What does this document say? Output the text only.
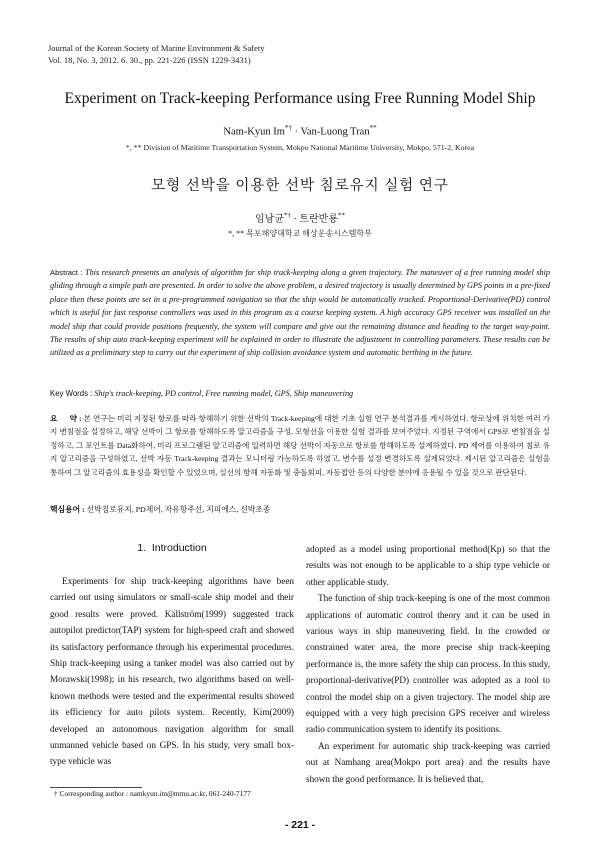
Journal of the Korean Society of Marine Environment & Safety
Vol. 18, No. 3, 2012. 6. 30., pp. 221-226 (ISSN 1229-3431)
Experiment on Track-keeping Performance using Free Running Model Ship
Nam-Kyun Im*† · Van-Luong Tran**
*, ** Division of Maritime Transportation System, Mokpo National Maritime University, Mokpo, 571-2, Korea
모형 선박을 이용한 선박 침로유지 실험 연구
임남균*† · 트란반룡**
*, ** 목포해양대학교 해상운송시스템학부
Abstract : This research presents an analysis of algorithm for ship track-keeping along a given trajectory. The maneuver of a free running model ship gliding through a simple path are presented. In order to solve the above problem, a desired trajectory is usually determined by GPS points in a pre-fixed place then these points are set in a pre-programmed navigation so that the ship would be automatically tracked. Proportional-Derivative(PD) control which is useful for fast response controllers was used in this program as a course keeping system. A high accuracy GPS receiver was installed on the model ship that could provide positions frequently, the system will compare and give out the remaining distance and heading to the target way-point. The results of ship auto track-keeping experiment will be explained in order to illustrate the adjustment in controlling parameters. These results can be utilized as a preliminary step to carry out the experiment of ship collision avoidance system and automatic berthing in the future.
Key Words : Ship's track-keeping, PD control, Free running model, GPS, Ship maneuvering
요      약 : 본 연구는 미리 지정된 항로를 따라 항해하기 위한 선박의 Track-keeping에 대한 기초 실험 연구 분석결과를 게시하였다. 항로상에 위치한 여러 가지 변침점을 설정하고, 해당 선박이 그 항로를 항해하도록 알고리즘을 구성, 모형선을 이용한 실험 결과를 보여주었다. 지정된 구역에서 GPS로 변침점을 설정하고, 그 포인트를 Data화하여, 미리 프로그램된 알고리즘에 입력하면 해당 선박이 자동으로 항로를 항해하도록 설계하였다. PD 제어를 이용하여 침로 유지 알고리즘을 구성하였고, 선박 자동 Track-keeping 결과는 모니터링 가능하도록 하였고, 변수를 설정 변경하도록 설계되었다. 제시된 알고리즘은 실험을 통하여 그 알고리즘의 효용성을 확인할 수 있었으며, 실선의 항해 자동화 및 충돌회피, 자동접안 등의 다양한 분야에 응용될 수 있을 것으로 판단된다.
핵심용어 : 선박침로유지, PD제어, 자유항주선, 지피에스, 선박조종
1.  Introduction

Experiments for ship track-keeping algorithms have been carried out using simulators or small-scale ship model and their good results were proved. Källström(1999) suggested track autopilot predictor(TAP) system for high-speed craft and showed its satisfactory performance through his experimental procedures. Ship track-keeping using a tanker model was also carried out by Morawski(1998); in his research, two algorithms based on well-known methods were tested and the experimental results showed its efficiency for auto pilots system. Recently, Kim(2009) developed an autonomous navigation algorithm for small unmanned vehicle based on GPS. In his study, very small box-type vehicle was

adopted as a model using proportional method(Kp) so that the results was not enough to be applicable to a ship type vehicle or other applicable study.

The function of ship track-keeping is one of the most common applications of automatic control theory and it can be used in various ways in ship maneuvering field. In the crowded or constrained water area, the more precise ship track-keeping performance is, the more safety the ship can process. In this study, proportional-derivative(PD) controller was adopted as a tool to control the model ship on a given trajectory. The model ship are equipped with a very high precision GPS receiver and wireless radio communication system to identify its positions.

An experiment for automatic ship track-keeping was carried out at Namhang area(Mokpo port area) and the results have shown the good performance. It is believed that,

† Corresponding author : namkyun.im@mmu.ac.kr, 061-240-7177
- 221 -
